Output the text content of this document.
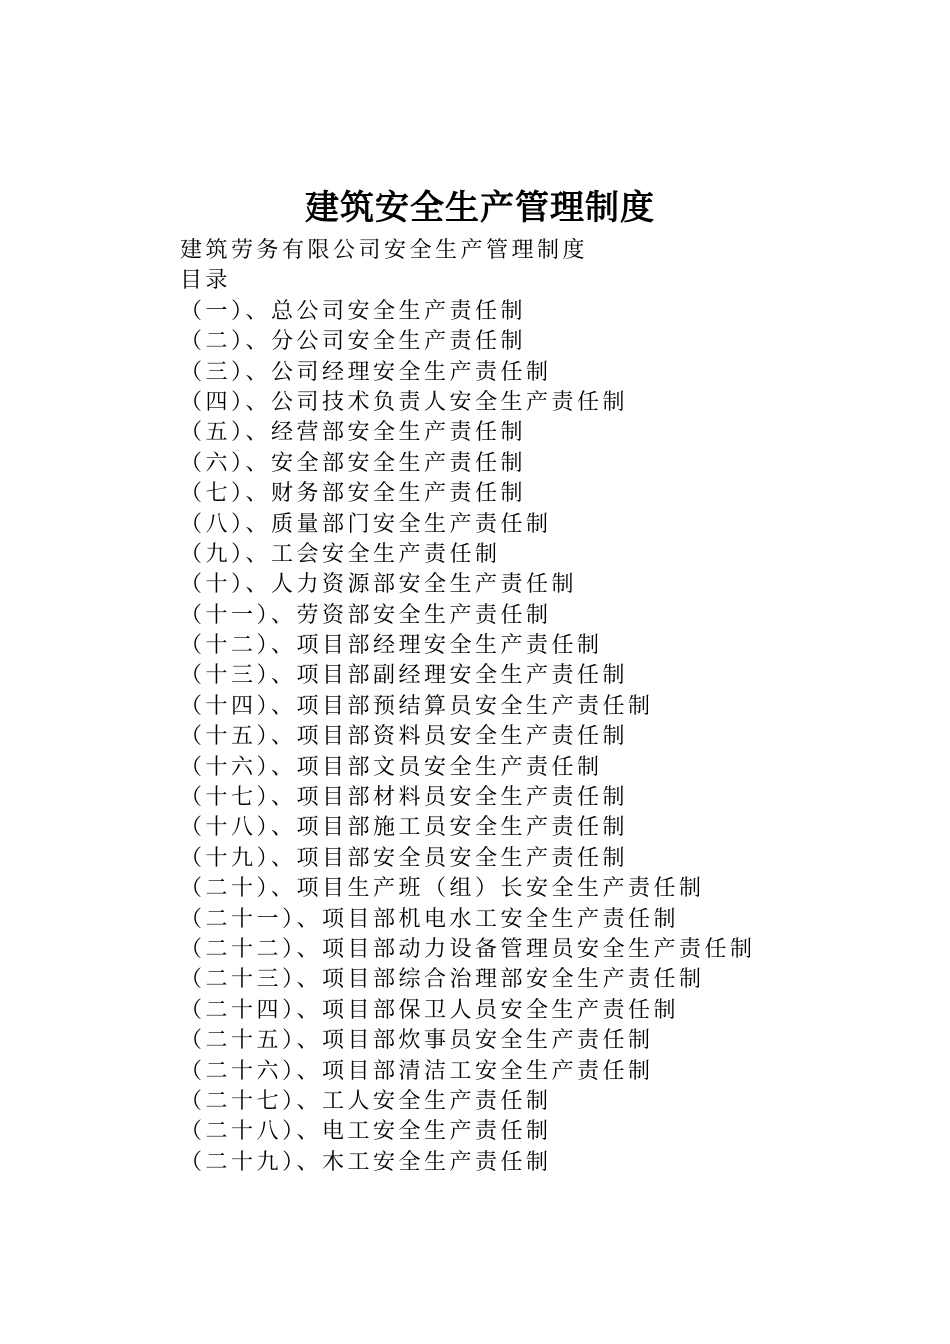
建筑安全生产管理制度

建筑劳务有限公司安全生产管理制度

目录

（一）、总公司安全生产责任制
（二）、分公司安全生产责任制
（三）、公司经理安全生产责任制
（四）、公司技术负责人安全生产责任制
（五）、经营部安全生产责任制
（六）、安全部安全生产责任制
（七）、财务部安全生产责任制
（八）、质量部门安全生产责任制
（九）、工会安全生产责任制
（十）、人力资源部安全生产责任制
（十一）、劳资部安全生产责任制
（十二）、项目部经理安全生产责任制
（十三）、项目部副经理安全生产责任制
（十四）、项目部预结算员安全生产责任制
（十五）、项目部资料员安全生产责任制
（十六）、项目部文员安全生产责任制
（十七）、项目部材料员安全生产责任制
（十八）、项目部施工员安全生产责任制
（十九）、项目部安全员安全生产责任制
（二十）、项目生产班（组）长安全生产责任制
（二十一）、项目部机电水工安全生产责任制
（二十二）、项目部动力设备管理员安全生产责任制
（二十三）、项目部综合治理部安全生产责任制
（二十四）、项目部保卫人员安全生产责任制
（二十五）、项目部炊事员安全生产责任制
（二十六）、项目部清洁工安全生产责任制
（二十七）、工人安全生产责任制
（二十八）、电工安全生产责任制
（二十九）、木工安全生产责任制
